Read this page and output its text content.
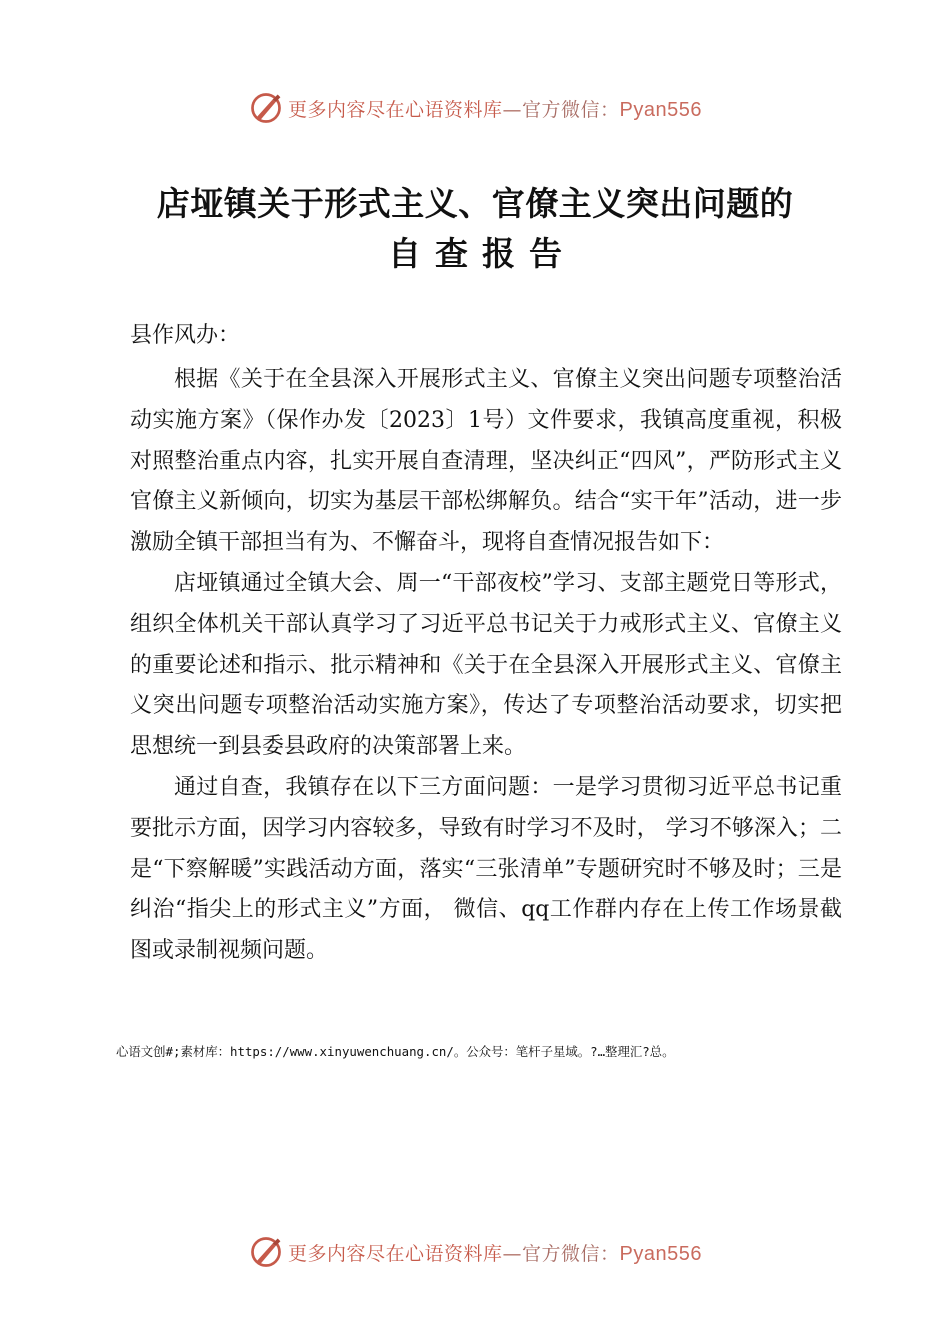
更多内容尽在心语资料库—官方微信：Pyan556
店垭镇关于形式主义、官僚主义突出问题的
自查报告
县作风办：

根据《关于在全县深入开展形式主义、官僚主义突出问题专项整治活动实施方案》（保作办发〔2023〕1号）文件要求，我镇高度重视，积极对照整治重点内容，扎实开展自查清理，坚决纠正“四风”，严防形式主义官僚主义新倾向，切实为基层干部松绑解负。结合“实干年”活动，进一步激励全镇干部担当有为、不懈奋斗，现将自查情况报告如下：

店垭镇通过全镇大会、周一“干部夜校”学习、支部主题党日等形式，组织全体机关干部认真学习了习近平总书记关于力戒形式主义、官僚主义的重要论述和指示、批示精神和《关于在全县深入开展形式主义、官僚主义突出问题专项整治活动实施方案》，传达了专项整治活动要求，切实把思想统一到县委县政府的决策部署上来。

通过自查，我镇存在以下三方面问题：一是学习贯彻习近平总书记重要批示方面，因学习内容较多，导致有时学习不及时， 学习不够深入；二是“下察解暖”实践活动方面，落实“三张清单”专题研究时不够及时；三是纠治“指尖上的形式主义”方面， 微信、qq工作群内存在上传工作场景截图或录制视频问题。

心语文创#;素材库：https://www.xinyuwenchuang.cn/。公众号：笔杆子星域。?…整理汇?总。
更多内容尽在心语资料库—官方微信：Pyan556
